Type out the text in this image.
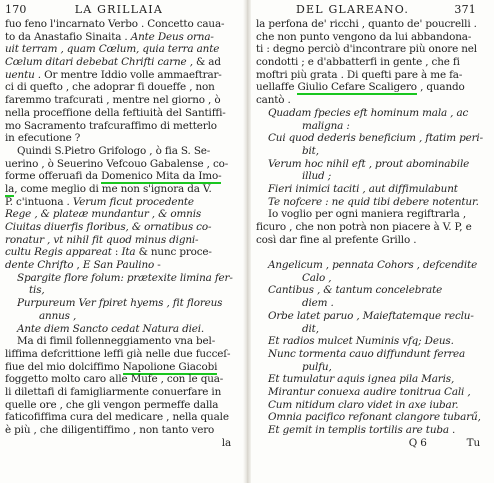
170	LA GRILLAIA
fuo feno l'incarnato Verbo . Concetto caua-
to da Anastafio Sinaita . Ante Deus orna-
uit terram , quam Cœlum, quia terra ante
Cœlum ditari debebat Chrifti carne , & ad
uentu . Or mentre Iddio volle ammaeftrar-
ci di quefto , che adoprar fi doueffe , non
faremmo trafcurati , mentre nel giorno , ò
nella proceffione della feftiuità del Santiffi-
mo Sacramento trafcuraffimo di metterlo
in efecutione ?
Quindi S.Pietro Grifologo , ò fia S. Se-
uerino , ò Seuerino Vefcouo Gabalense , co-
forme offeruafi da Domenico Mita da Imo-
la, come meglio di me non s'ignora da V.
P. c'intuona . Verum ficut procedente
Rege , & plateæ mundantur , & omnis
Ciuitas diuerfis floribus, & ornatibus co-
ronatur , vt nihil fit quod minus digni-
cultu Regis appareat : Ita & nunc proce-
dente Chrifto , E San Paulino -
Spargite flore folum: prætexite limina fer-
tis,
Purpureum Ver fpiret hyems , fit floreus
annus ,
Ante diem Sancto cedat Natura diei.
Ma di fimil follenneggiamento vna bel-
liffima defcrittione leffi già nelle due fucceſ-
fiue del mio dolciffimo Napolione Giacobi
foggetto molto caro alle Mufe , con le qua-
li dilettafi di famigliarmente conuerfare in
quelle ore , che gli vengon permeffe dalla
faticofiffima cura del medicare , nella quale
è più , che diligentiffimo , non tanto vero
la
DEL GLAREANO.	371
la perfona de' ricchi , quanto de' poucrelli .
che non punto vengono da lui abbandona-
ti : degno perciò d'incontrare più onore nel
condotti ; e d'abbatterfi in gente , che fi
moftri più grata . Di quefti pare à me fa-
uellaffe Giulio Cefare Scaligero , quando
cantò .
Quadam fpecies eft hominum mala , ac
maligna :
Cui quod dederis beneficium , ftatim peri-
bit,
Verum hoc nihil eft , prout abominabile
illud ;
Fieri inimici taciti , aut diffimulabunt
Te nofcere : ne quid tibi debere notentur.
Io voglio per ogni maniera regiftrarla ,
ficuro , che non potrà non piacere à V. P, e
così dar fine al prefente Grillo .
Angelicum , pennata Cohors , defcendite
Calo ,
Cantibus , & tantum concelebrate
diem .
Orbe latet paruo , Maieftatemque reclu-
dit,
Et radios mulcet Numinis vfq; Deus.
Nunc tormenta cauo diffundunt ferrea
pulfu,
Et tumulatur aquis ignea pila Maris,
Mirantur conuexa audire tonitrua Cali ,
Cum nitidum claro videt in axe iubar.
Omnia pacifico refonant clangore tubarű,
Et gemit in templis tortilis are tuba .
Q 6	Tu
